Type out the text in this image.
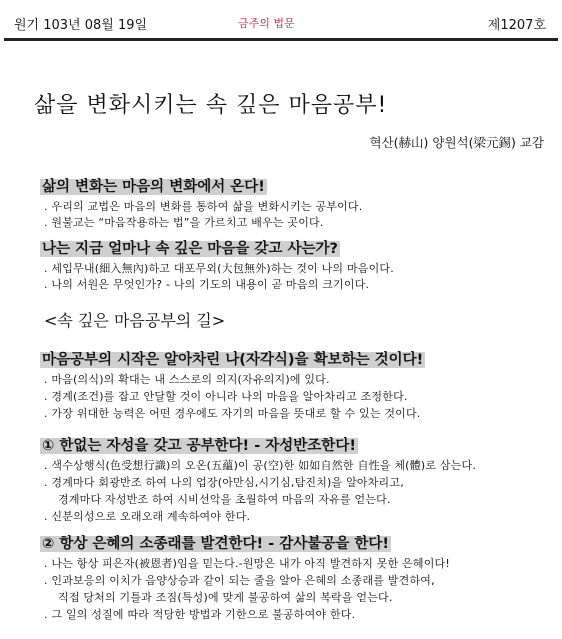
원기 103년 08월 19일	금주의 법문	제1207호
삶을 변화시키는 속 깊은 마음공부!
혁산(赫山) 양원석(梁元錫) 교감
삶의 변화는 마음의 변화에서 온다!
. 우리의 교법은 마음의 변화를 통하여 삶을 변화시키는 공부이다.
. 원불교는 “마음작용하는 법”을 가르치고 배우는 곳이다.
나는 지금 얼마나 속 깊은 마음을 갖고 사는가?
. 세입무내(細入無內)하고 대포무외(大包無外)하는 것이 나의 마음이다.
. 나의 서원은 무엇인가? - 나의 기도의 내용이 곧 마음의 크기이다.
<속 깊은 마음공부의 길>
마음공부의 시작은 알아차린 나(자각식)을 확보하는 것이다!
. 마음(의식)의 확대는 내 스스로의 의지(자유의지)에 있다.
. 경계(조건)를 잡고 안달할 것이 아니라 나의 마음을 알아차리고 조정한다.
. 가장 위대한 능력은 어떤 경우에도 자기의 마음을 뜻대로 할 수 있는 것이다.
① 한없는 자성을 갖고 공부한다! - 자성반조한다!
. 색수상행식(色受想行識)의 오온(五蘊)이 공(空)한 如如自然한 自性을 체(體)로 삼는다.
. 경계마다 회광반조 하여 나의 업장(아만심,시기심,탐진치)을 알아차리고,
경계마다 자성반조 하여 시비선악을 초월하여 마음의 자유를 얻는다.
. 신분의성으로 오래오래 계속하여야 한다.
② 항상 은혜의 소종래를 발견한다! - 감사불공을 한다!
. 나는 항상 피은자(被恩者)임을 믿는다.-원망은 내가 아직 발견하지 못한 은혜이다!
. 인과보응의 이치가 음양상승과 같이 되는 줄을 알아 은혜의 소종래를 발견하여,
직접 당처의 기틀과 조짐(특성)에 맞게 불공하여 삶의 복락을 얻는다.
. 그 일의 성질에 따라 적당한 방법과 기한으로 불공하여야 한다.
